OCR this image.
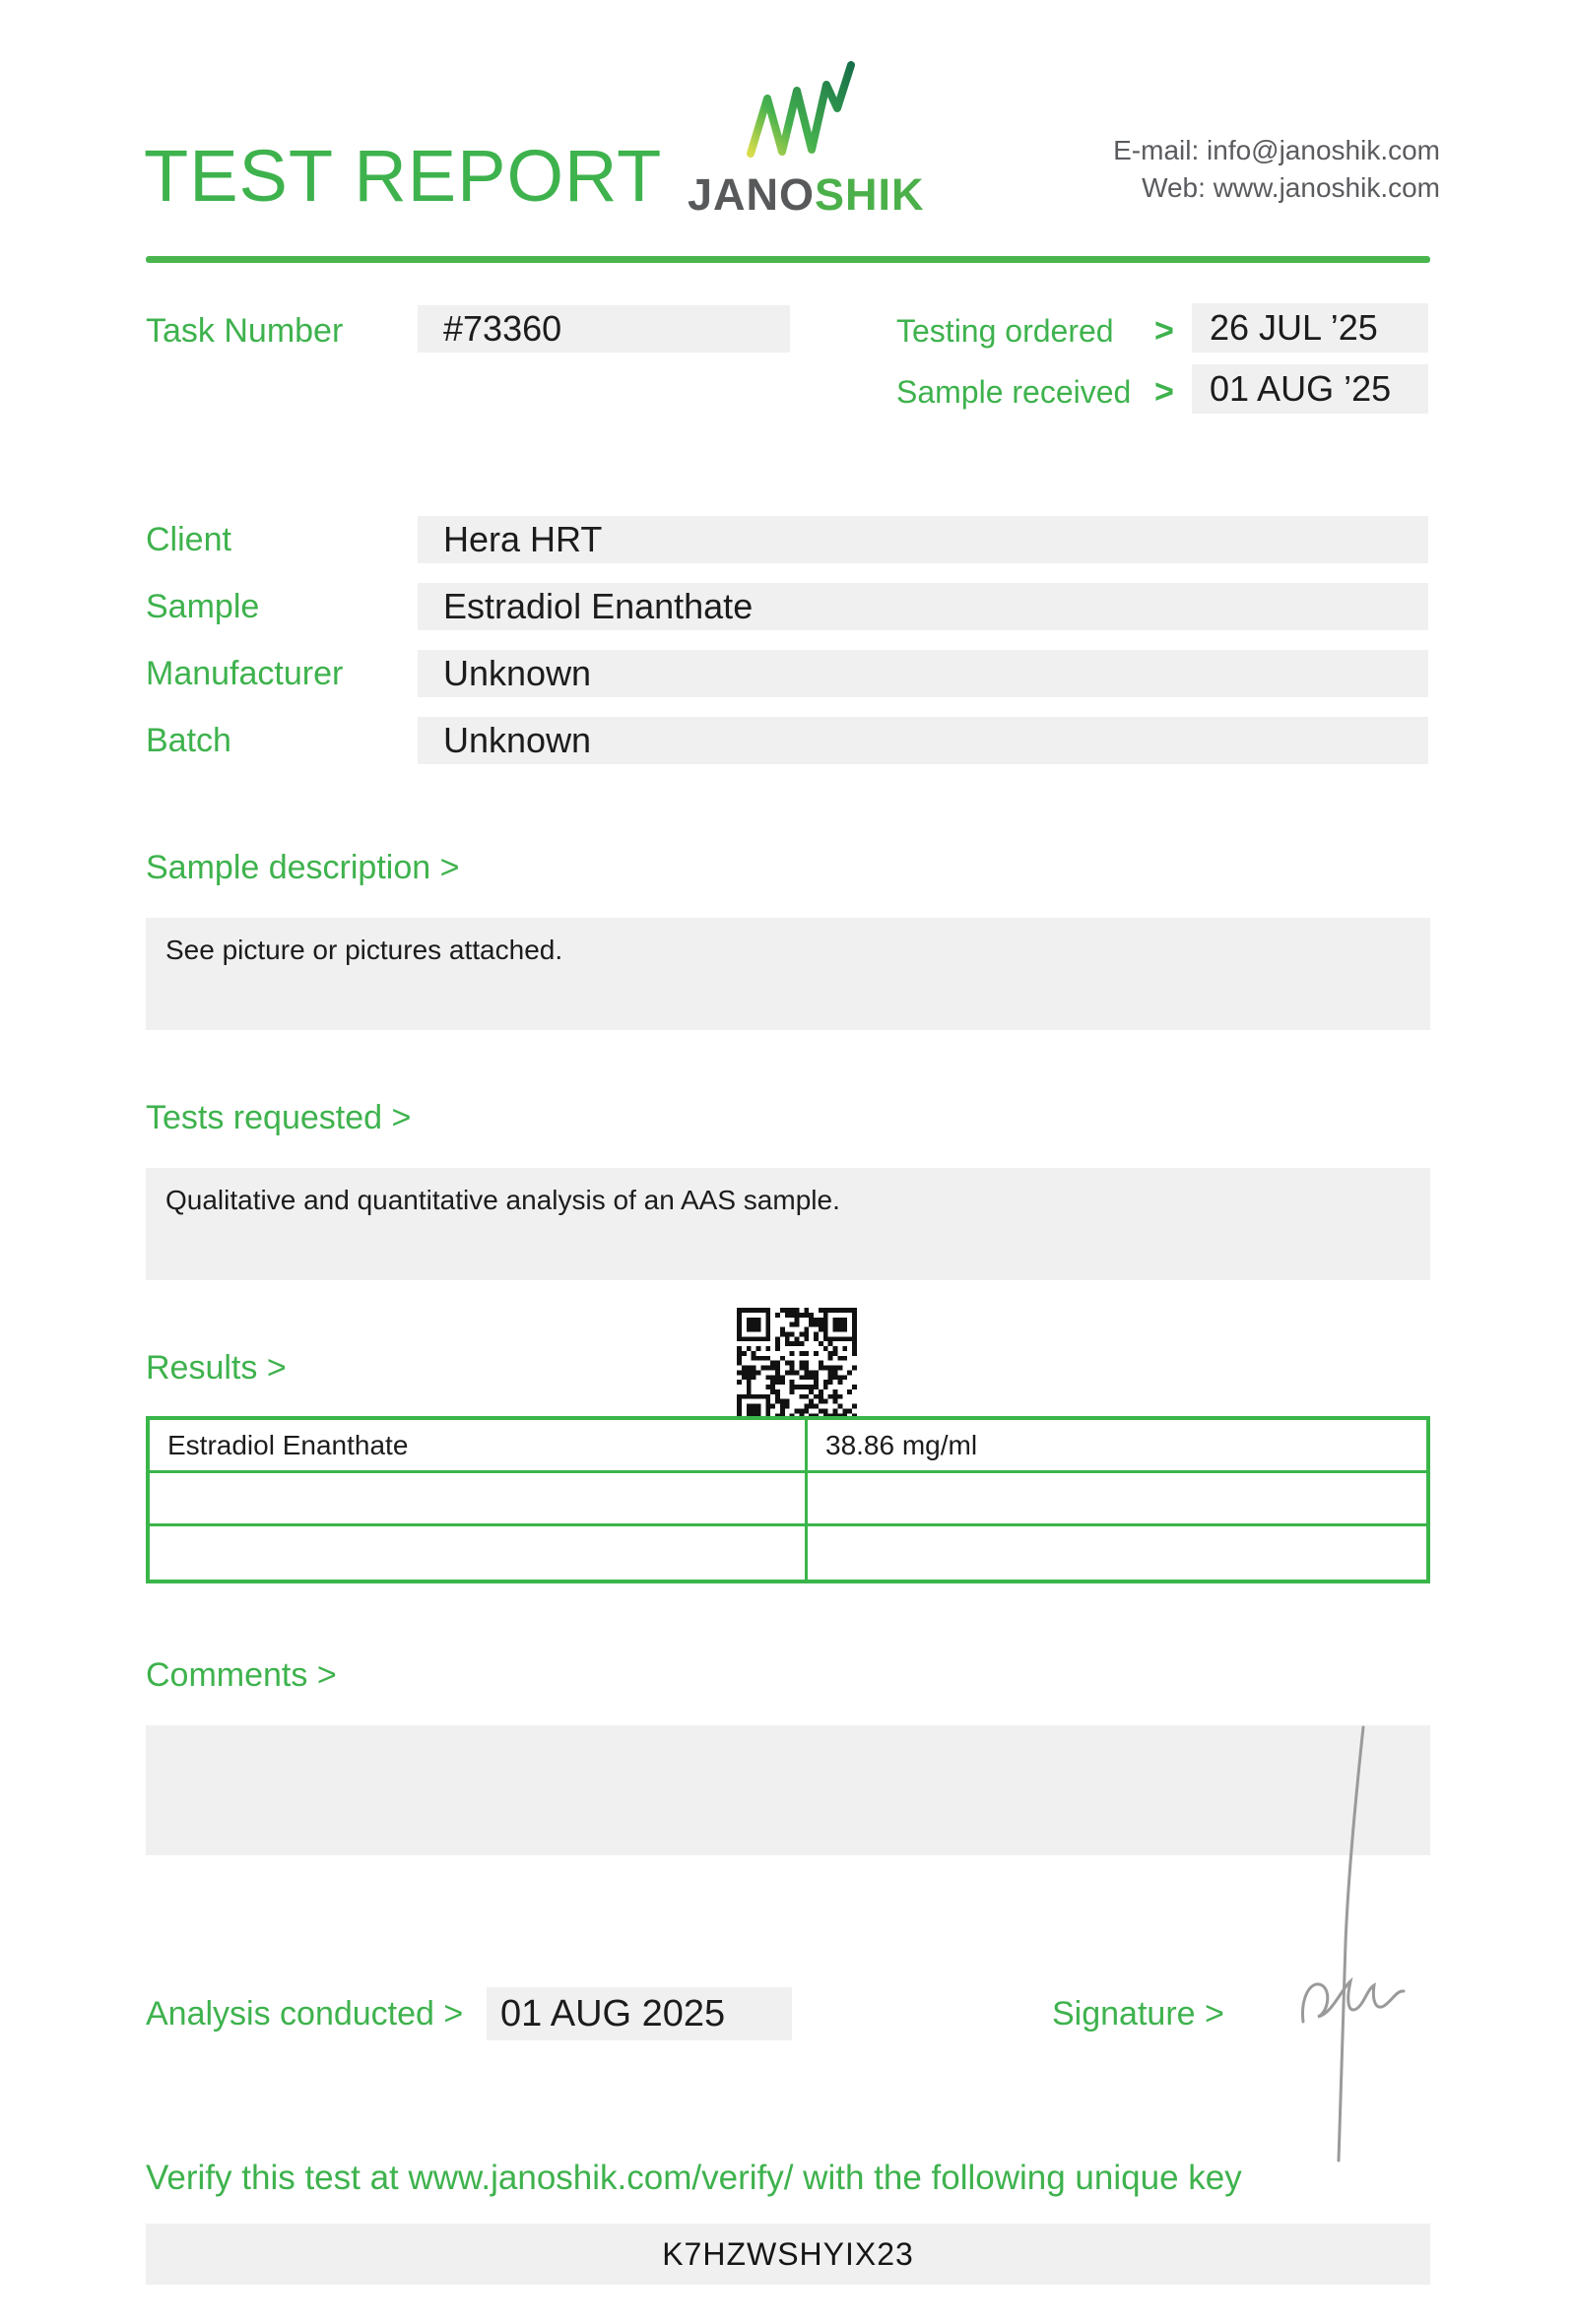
TEST REPORT JANOSHIK
E-mail: info@janoshik.com
Web: www.janoshik.com
Task Number	#73360	Testing ordered >	26 JUL ’25
Sample received >	01 AUG ’25
Client	Hera HRT
Sample	Estradiol Enanthate
Manufacturer	Unknown
Batch	Unknown
Sample description >
See picture or pictures attached.
Tests requested >
Qualitative and quantitative analysis of an AAS sample.
Results >
Estradiol Enanthate	38.86 mg/ml
Comments >
Analysis conducted > 01 AUG 2025	Signature >
Verify this test at www.janoshik.com/verify/ with the following unique key
K7HZWSHYIX23
